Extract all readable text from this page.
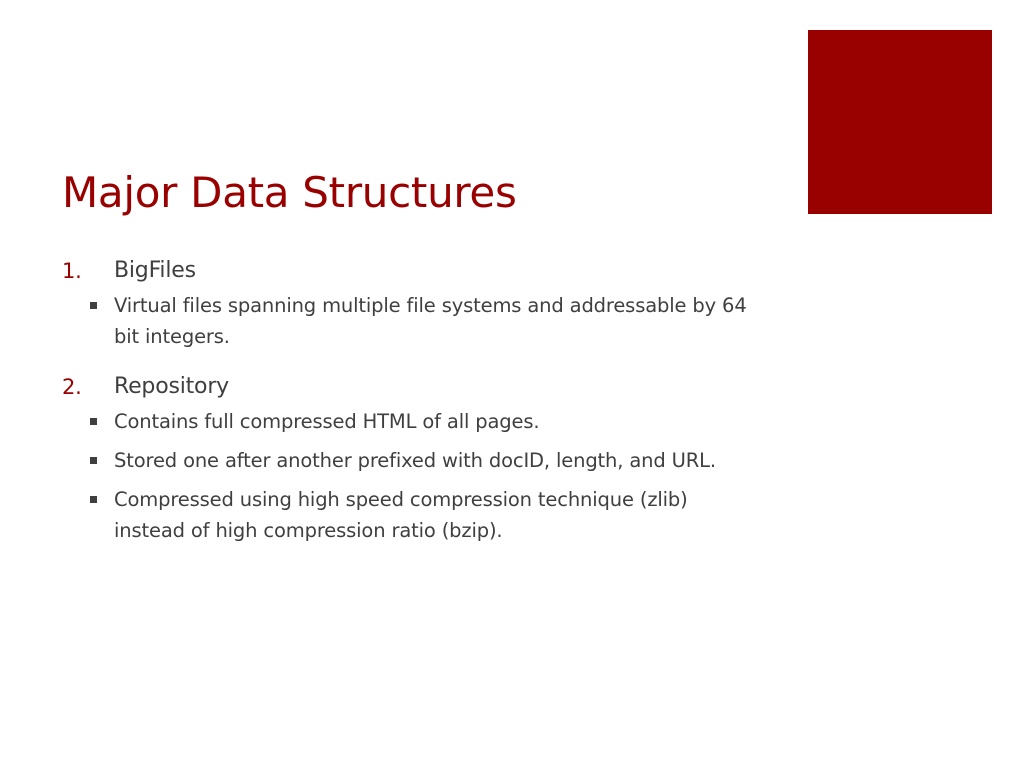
Major Data Structures
1. BigFiles
Virtual files spanning multiple file systems and addressable by 64 bit integers.
2. Repository
Contains full compressed HTML of all pages.
Stored one after another prefixed with docID, length, and URL.
Compressed using high speed compression technique (zlib) instead of high compression ratio (bzip).
